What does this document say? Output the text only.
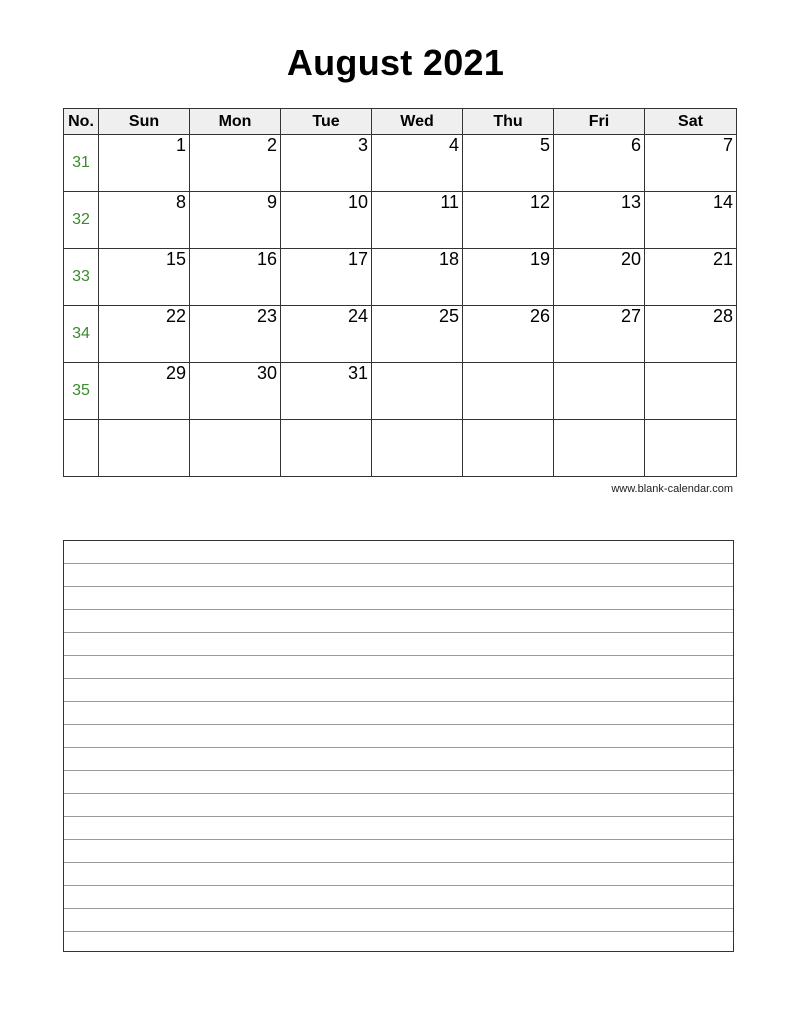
August 2021
No.	Sun	Mon	Tue	Wed	Thu	Fri	Sat
31	1	2	3	4	5	6	7

32	8	9	10	11	12	13	14

33	15	16	17	18	19	20	21

34	22	23	24	25	26	27	28

35	29	30	31				

www.blank-calendar.com
